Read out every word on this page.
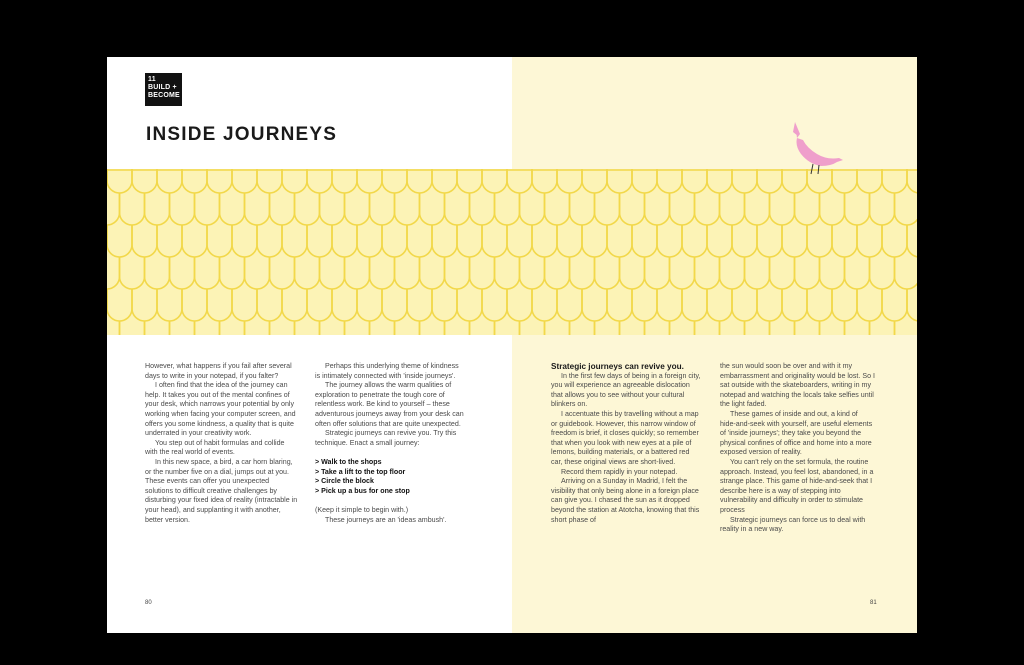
11
BUILD +
BECOME
INSIDE JOURNEYS

However, what happens if you fail after several days to write in your notepad, if you falter?

I often find that the idea of the journey can help. It takes you out of the mental confines of your desk, which narrows your potential by only working when facing your computer screen, and offers you some kindness, a quality that is quite underrated in your creativity work.

You step out of habit formulas and collide with the real world of events.

In this new space, a bird, a car horn blaring, or the number five on a dial, jumps out at you. These events can offer you unexpected solutions to difficult creative challenges by disturbing your fixed idea of reality (intractable in your head), and supplanting it with another, better version.

Perhaps this underlying theme of kindness is intimately connected with 'inside journeys'.

The journey allows the warm qualities of exploration to penetrate the tough core of relentless work. Be kind to yourself – these adventurous journeys away from your desk can often offer solutions that are quite unexpected.

Strategic journeys can revive you. Try this technique. Enact a small journey:

> Walk to the shops
> Take a lift to the top floor
> Circle the block
> Pick up a bus for one stop

(Keep it simple to begin with.)

These journeys are an 'ideas ambush'.

Strategic journeys can revive you.

In the first few days of being in a foreign city, you will experience an agreeable dislocation that allows you to see without your cultural blinkers on.

I accentuate this by travelling without a map or guidebook. However, this narrow window of freedom is brief, it closes quickly; so remember that when you look with new eyes at a pile of lemons, building materials, or a battered red car, these original views are short-lived.

Record them rapidly in your notepad.

Arriving on a Sunday in Madrid, I felt the visibility that only being alone in a foreign place can give you. I chased the sun as it dropped beyond the station at Atotcha, knowing that this short phase of

the sun would soon be over and with it my embarrassment and originality would be lost. So I sat outside with the skateboarders, writing in my notepad and watching the locals take selfies until the light faded.

These games of inside and out, a kind of hide-and-seek with yourself, are useful elements of 'inside journeys'; they take you beyond the physical confines of office and home into a more exposed version of reality.

You can't rely on the set formula, the routine approach. Instead, you feel lost, abandoned, in a strange place. This game of hide-and-seek that I describe here is a way of stepping into vulnerability and difficulty in order to stimulate process

Strategic journeys can force us to deal with reality in a new way.

80	81
